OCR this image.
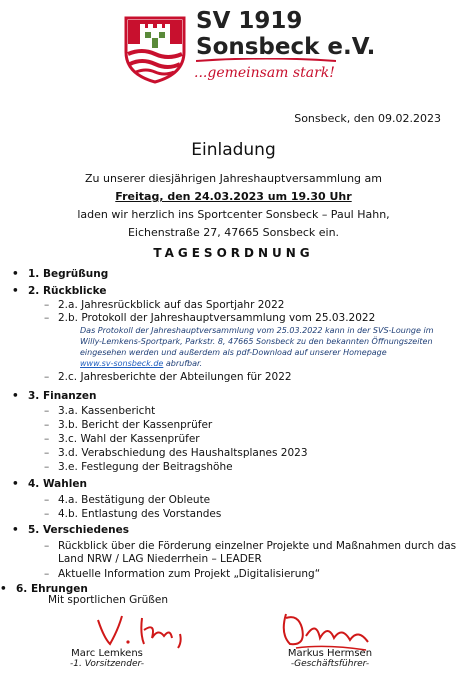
SV 1919
Sonsbeck e.V.
...gemeinsam stark!
Sonsbeck, den 09.02.2023
Einladung
Zu unserer diesjährigen Jahreshauptversammlung am
Freitag, den 24.03.2023 um 19.30 Uhr
laden wir herzlich ins Sportcenter Sonsbeck – Paul Hahn,
Eichenstraße 27, 47665 Sonsbeck ein.
TAGESORDNUNG
• 1. Begrüßung
• 2. Rückblicke
– 2.a. Jahresrückblick auf das Sportjahr 2022
– 2.b. Protokoll der Jahreshauptversammlung vom 25.03.2022
Das Protokoll der Jahreshauptversammlung vom 25.03.2022 kann in der SVS-Lounge im
Willy-Lemkens-Sportpark, Parkstr. 8, 47665 Sonsbeck zu den bekannten Öffnungszeiten
eingesehen werden und außerdem als pdf-Download auf unserer Homepage
www.sv-sonsbeck.de abrufbar.
– 2.c. Jahresberichte der Abteilungen für 2022
• 3. Finanzen
– 3.a. Kassenbericht
– 3.b. Bericht der Kassenprüfer
– 3.c. Wahl der Kassenprüfer
– 3.d. Verabschiedung des Haushaltsplanes 2023
– 3.e. Festlegung der Beitragshöhe
• 4. Wahlen
– 4.a. Bestätigung der Obleute
– 4.b. Entlastung des Vorstandes
• 5. Verschiedenes
– Rückblick über die Förderung einzelner Projekte und Maßnahmen durch das
Land NRW / LAG Niederrhein – LEADER
– Aktuelle Information zum Projekt „Digitalisierung“
• 6. Ehrungen
Mit sportlichen Grüßen
Marc Lemkens
-1. Vorsitzender-
Markus Hermsen
-Geschäftsführer-
